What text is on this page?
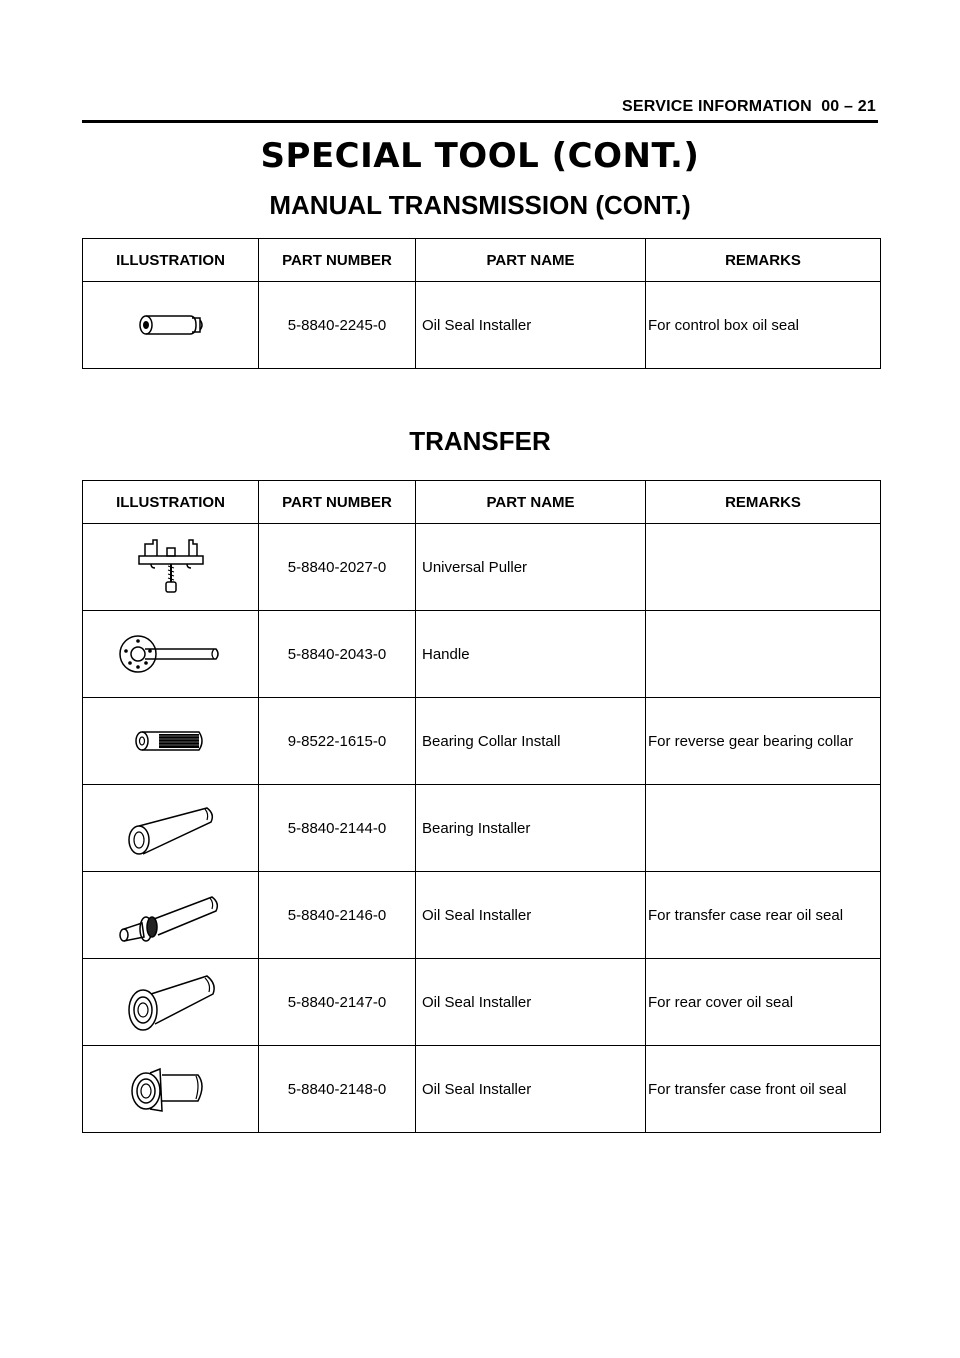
SERVICE INFORMATION 00 – 21
SPECIAL TOOL (CONT.)
MANUAL TRANSMISSION (CONT.)
ILLUSTRATION	PART NUMBER	PART NAME	REMARKS
	5-8840-2245-0	Oil Seal Installer	For control box oil seal
TRANSFER
ILLUSTRATION	PART NUMBER	PART NAME	REMARKS
	5-8840-2027-0	Universal Puller	
	5-8840-2043-0	Handle	
	9-8522-1615-0	Bearing Collar Install	For reverse gear bearing collar
	5-8840-2144-0	Bearing Installer	
	5-8840-2146-0	Oil Seal Installer	For transfer case rear oil seal
	5-8840-2147-0	Oil Seal Installer	For rear cover oil seal
	5-8840-2148-0	Oil Seal Installer	For transfer case front oil seal
